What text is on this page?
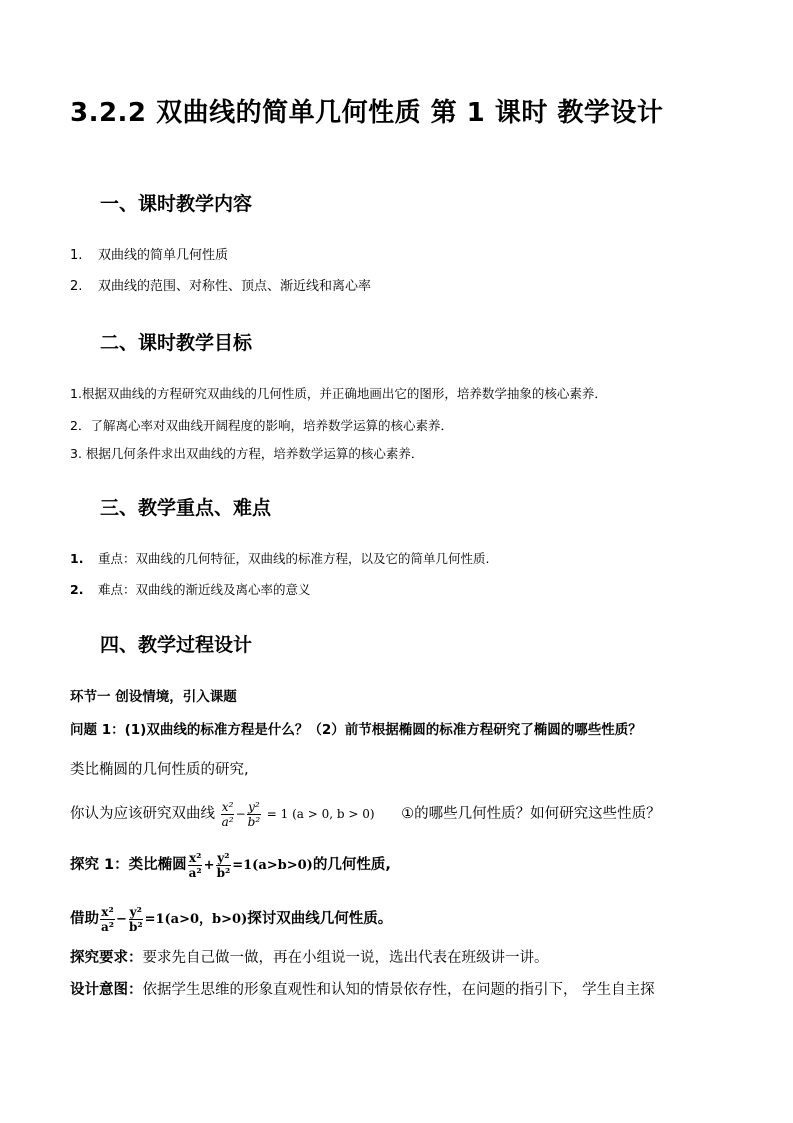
3.2.2 双曲线的简单几何性质 第 1 课时 教学设计
一、课时教学内容
1. 双曲线的简单几何性质
2. 双曲线的范围、对称性、顶点、渐近线和离心率
二、课时教学目标
1.根据双曲线的方程研究双曲线的几何性质，并正确地画出它的图形，培养数学抽象的核心素养．
2．了解离心率对双曲线开阔程度的影响，培养数学运算的核心素养．
3. 根据几何条件求出双曲线的方程，培养数学运算的核心素养．
三、教学重点、难点
1. 重点：双曲线的几何特征，双曲线的标准方程，以及它的简单几何性质.
2. 难点：双曲线的渐近线及离心率的意义
四、教学过程设计
环节一 创设情境，引入课题
问题 1：(1)双曲线的标准方程是什么？（2）前节根据椭圆的标准方程研究了椭圆的哪些性质？
类比椭圆的几何性质的研究,
你认为应该研究双曲线 $\frac{\text{x²}}{\text{a²}} - \frac{\text{y²}}{\text{b²}} = 1$ (a > 0, b > 0) ①的哪些几何性质？如何研究这些性质？
探究 1：类比椭圆 $\frac{\text{x²}}{\text{a²}} + \frac{\text{y²}}{\text{b²}} =1(a>b>0)$的几何性质,
借助 $\frac{\text{x²}}{\text{a²}} - \frac{\text{y²}}{\text{b²}} =1(a>0$，b>0)探讨双曲线几何性质。
探究要求：要求先自己做一做，再在小组说一说，选出代表在班级讲一讲。
设计意图：依据学生思维的形象直观性和认知的情景依存性，在问题的指引下， 学生自主探
